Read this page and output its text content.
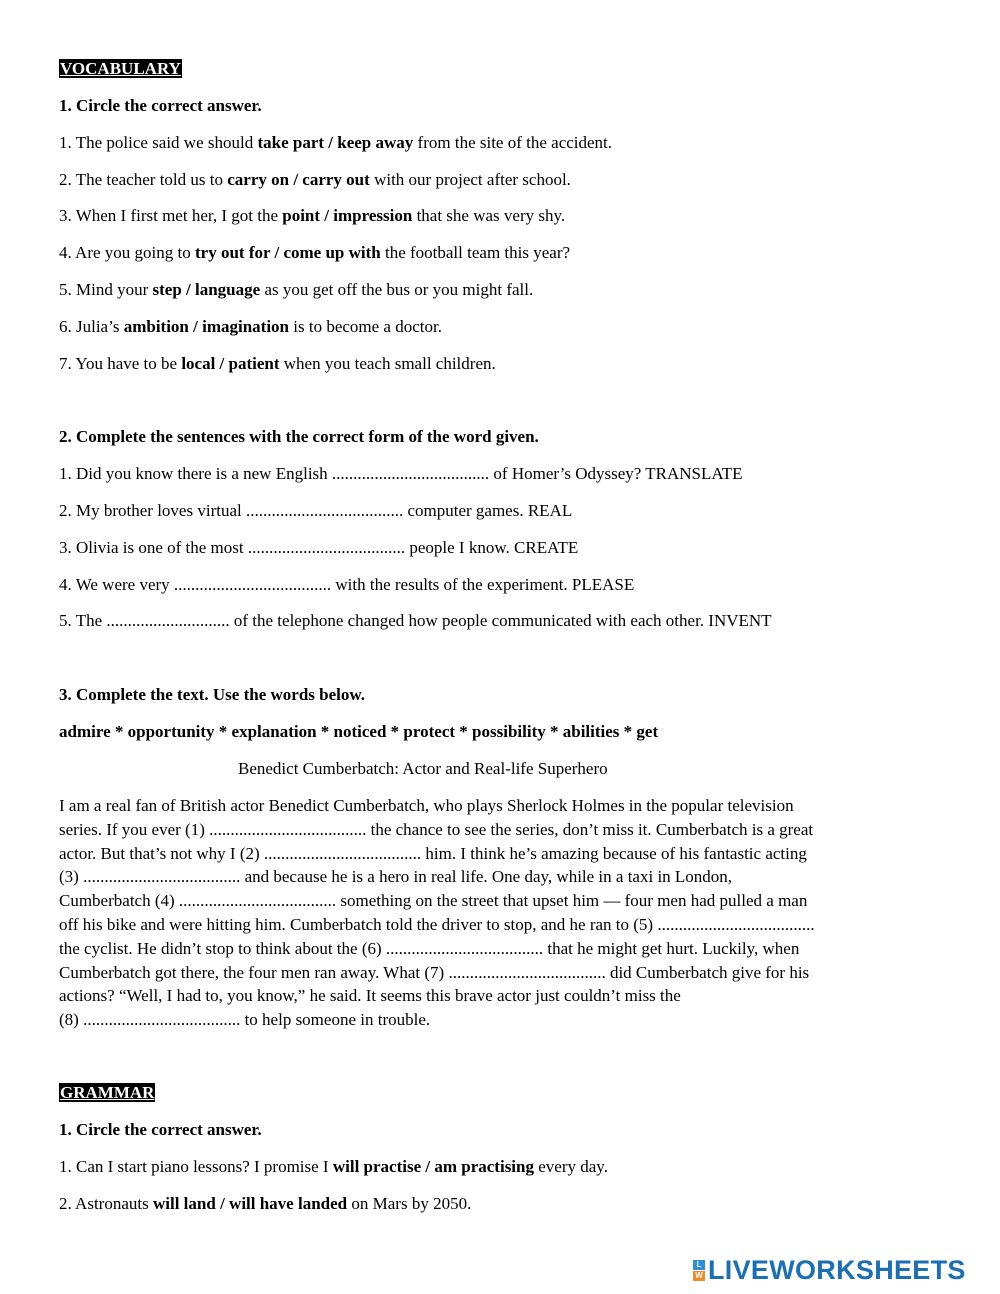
VOCABULARY
1. Circle the correct answer.
1. The police said we should take part / keep away from the site of the accident.
2. The teacher told us to carry on / carry out with our project after school.
3. When I first met her, I got the point / impression that she was very shy.
4. Are you going to try out for / come up with the football team this year?
5. Mind your step / language as you get off the bus or you might fall.
6. Julia’s ambition / imagination is to become a doctor.
7. You have to be local / patient when you teach small children.
2. Complete the sentences with the correct form of the word given.
1. Did you know there is a new English ..................................... of Homer’s Odyssey? TRANSLATE
2. My brother loves virtual ..................................... computer games. REAL
3. Olivia is one of the most ..................................... people I know. CREATE
4. We were very ..................................... with the results of the experiment. PLEASE
5. The ............................. of the telephone changed how people communicated with each other. INVENT
3. Complete the text. Use the words below.
admire * opportunity * explanation * noticed * protect * possibility * abilities * get
Benedict Cumberbatch: Actor and Real-life Superhero
I am a real fan of British actor Benedict Cumberbatch, who plays Sherlock Holmes in the popular television
series. If you ever (1) ..................................... the chance to see the series, don’t miss it. Cumberbatch is a great
actor. But that’s not why I (2) ..................................... him. I think he’s amazing because of his fantastic acting
(3) ..................................... and because he is a hero in real life. One day, while in a taxi in London,
Cumberbatch (4) ..................................... something on the street that upset him — four men had pulled a man
off his bike and were hitting him. Cumberbatch told the driver to stop, and he ran to (5) .....................................
the cyclist. He didn’t stop to think about the (6) ..................................... that he might get hurt. Luckily, when
Cumberbatch got there, the four men ran away. What (7) ..................................... did Cumberbatch give for his
actions? “Well, I had to, you know,” he said. It seems this brave actor just couldn’t miss the
(8) ..................................... to help someone in trouble.
GRAMMAR
1. Circle the correct answer.
1. Can I start piano lessons? I promise I will practise / am practising every day.
2. Astronauts will land / will have landed on Mars by 2050.
L
W LIVEWORKSHEETS
